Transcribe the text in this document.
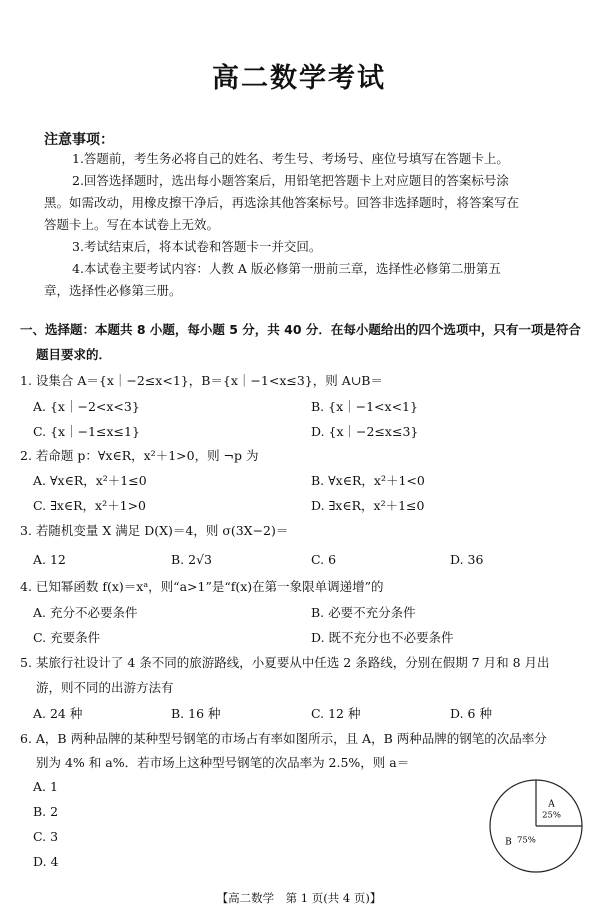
高二数学考试
注意事项：
1.答题前，考生务必将自己的姓名、考生号、考场号、座位号填写在答题卡上。
2.回答选择题时，选出每小题答案后，用铅笔把答题卡上对应题目的答案标号涂
黑。如需改动，用橡皮擦干净后，再选涂其他答案标号。回答非选择题时，将答案写在
答题卡上。写在本试卷上无效。
3.考试结束后，将本试卷和答题卡一并交回。
4.本试卷主要考试内容：人教 A 版必修第一册前三章，选择性必修第二册第五
章，选择性必修第三册。
一、选择题：本题共 8 小题，每小题 5 分，共 40 分．在每小题给出的四个选项中，只有一项是符合
题目要求的．
1. 设集合 A＝{x｜−2≤x<1}，B＝{x｜−1<x≤3}，则 A∪B＝
A. {x｜−2<x<3}	B. {x｜−1<x<1}
C. {x｜−1≤x≤1}	D. {x｜−2≤x≤3}
2. 若命题 p：∀x∈R，x²＋1>0，则 ¬p 为
A. ∀x∈R，x²＋1≤0	B. ∀x∈R，x²＋1<0
C. ∃x∈R，x²＋1>0	D. ∃x∈R，x²＋1≤0
3. 若随机变量 X 满足 D(X)＝4，则 σ(3X−2)＝
A. 12	B. 2√3	C. 6	D. 36
4. 已知幂函数 f(x)＝xᵃ，则“a>1”是“f(x)在第一象限单调递增”的
A. 充分不必要条件	B. 必要不充分条件
C. 充要条件	D. 既不充分也不必要条件
5. 某旅行社设计了 4 条不同的旅游路线，小夏要从中任选 2 条路线，分别在假期 7 月和 8 月出
游，则不同的出游方法有
A. 24 种	B. 16 种	C. 12 种	D. 6 种
6. A，B 两种品牌的某种型号钢笔的市场占有率如图所示，且 A，B 两种品牌的钢笔的次品率分
别为 4% 和 a%．若市场上这种型号钢笔的次品率为 2.5%，则 a＝
A. 1
B. 2
C. 3
D. 4
A
25%
B 75%
【高二数学　第 1 页(共 4 页)】
